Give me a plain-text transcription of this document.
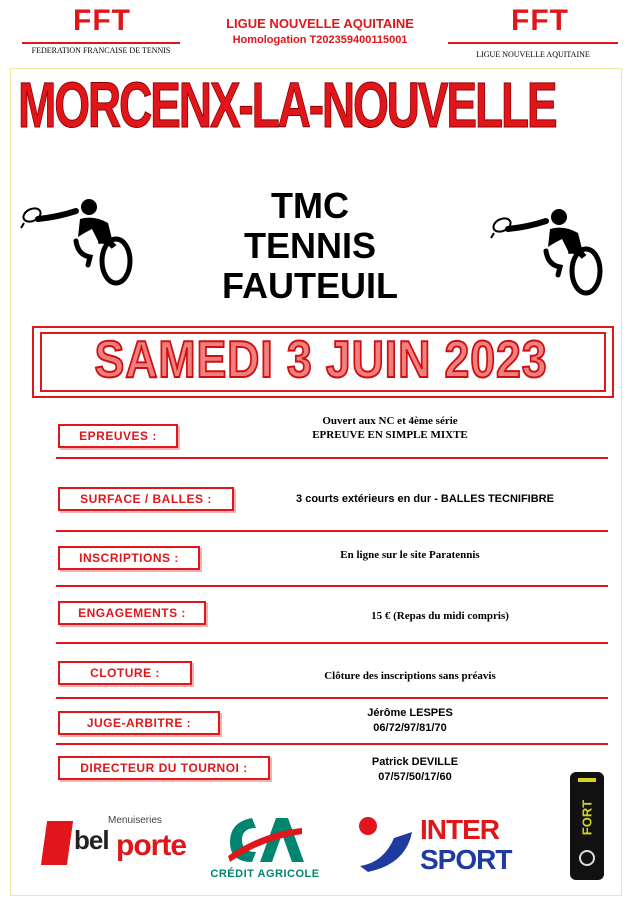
FFT
FEDERATION FRANCAISE DE TENNIS
LIGUE NOUVELLE AQUITAINE
Homologation T202359400115001
FFT
LIGUE NOUVELLE AQUITAINE
MORCENX-LA-NOUVELLE
TMC
TENNIS
FAUTEUIL
SAMEDI 3 JUIN 2023
EPREUVES :
Ouvert aux NC et 4ème série
EPREUVE EN SIMPLE MIXTE
SURFACE / BALLES :	3 courts extérieurs en dur - BALLES TECNIFIBRE
INSCRIPTIONS :	En ligne sur le site Paratennis
ENGAGEMENTS :	15 € (Repas du midi compris)
CLOTURE :	Clôture des inscriptions sans préavis
JUGE-ARBITRE :
Jérôme LESPES
06/72/97/81/70
DIRECTEUR DU TOURNOI :	Patrick DEVILLE
07/57/50/17/60
Menuiseries
bel porte
CRÉDIT AGRICOLE
INTER
SPORT
FORT
